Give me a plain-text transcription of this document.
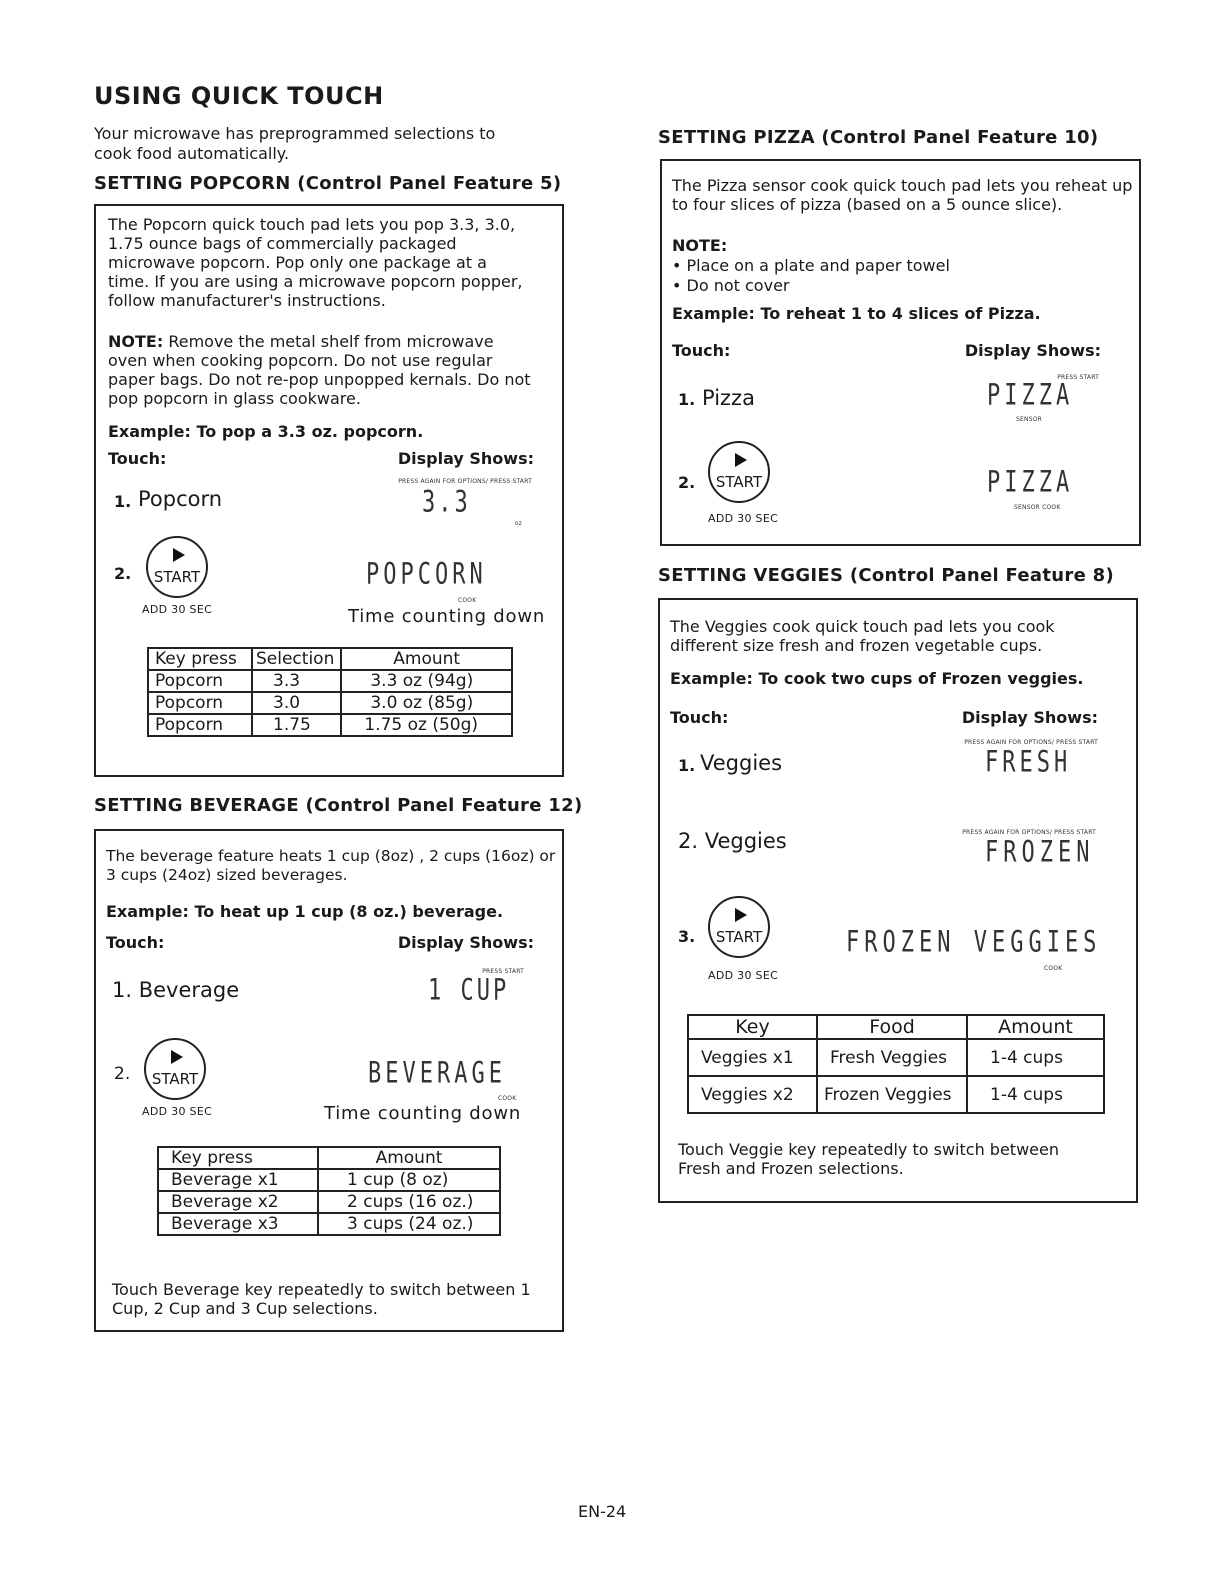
USING QUICK TOUCH
Your microwave has preprogrammed selections to cook food automatically.
SETTING POPCORN (Control Panel Feature 5)
The Popcorn quick touch pad lets you pop 3.3, 3.0, 1.75 ounce bags of commercially packaged microwave popcorn. Pop only one package at a time. If you are using a microwave popcorn popper, follow manufacturer's instructions.
NOTE: Remove the metal shelf from microwave oven when cooking popcorn. Do not use regular paper bags. Do not re-pop unpopped kernals. Do not pop popcorn in glass cookware.
Example: To pop a 3.3 oz. popcorn.
Touch:	Display Shows:
1. Popcorn
PRESS AGAIN FOR OPTIONS/ PRESS START
3.3
oz
2.	START
ADD 30 SEC
POPCORN
COOK
Time counting down
Key press	Selection	Amount
Popcorn	3.3	3.3 oz (94g)
Popcorn	3.0	3.0 oz (85g)
Popcorn	1.75	1.75 oz (50g)
SETTING BEVERAGE (Control Panel Feature 12)
The beverage feature heats 1 cup (8oz) , 2 cups (16oz) or 3 cups (24oz) sized beverages.
Example: To heat up 1 cup (8 oz.) beverage.
Touch:	Display Shows:
1. Beverage
PRESS START
1 CUP
2.	START
ADD 30 SEC
BEVERAGE
COOK
Time counting down
Key press	Amount
Beverage x1	1 cup (8 oz)
Beverage x2	2 cups (16 oz.)
Beverage x3	3 cups (24 oz.)
Touch Beverage key repeatedly to switch between 1 Cup, 2 Cup and 3 Cup selections.
SETTING PIZZA (Control Panel Feature 10)
The Pizza sensor cook quick touch pad lets you reheat up to four slices of pizza (based on a 5 ounce slice).
NOTE:
• Place on a plate and paper towel
• Do not cover
Example: To reheat 1 to 4 slices of Pizza.
Touch:	Display Shows:
1. Pizza
PRESS START
PIZZA
SENSOR
2.	START
ADD 30 SEC
PIZZA
SENSOR COOK
SETTING VEGGIES (Control Panel Feature 8)
The Veggies cook quick touch pad lets you cook different size fresh and frozen vegetable cups.
Example: To cook two cups of Frozen veggies.
Touch:	Display Shows:
1. Veggies
PRESS AGAIN FOR OPTIONS/ PRESS START
FRESH
2. Veggies	PRESS AGAIN FOR OPTIONS/ PRESS START
FROZEN
3.	START
ADD 30 SEC
FROZEN VEGGIES
COOK
Key	Food	Amount
Veggies x1	Fresh Veggies	1-4 cups
Veggies x2	Frozen Veggies	1-4 cups
Touch Veggie key repeatedly to switch between Fresh and Frozen selections.
EN-24
